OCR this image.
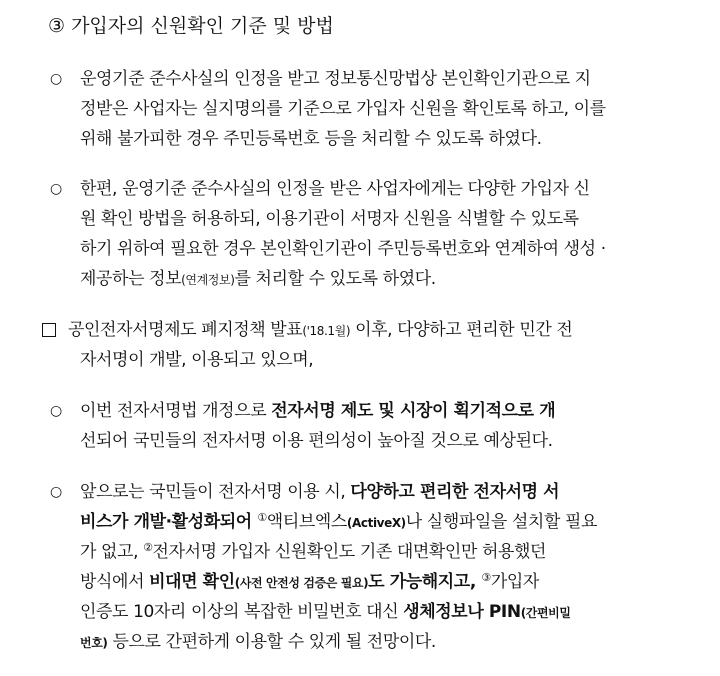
③ 가입자의 신원확인 기준 및 방법
○ 운영기준 준수사실의 인정을 받고 정보통신망법상 본인확인기관으로 지
정받은 사업자는 실지명의를 기준으로 가입자 신원을 확인토록 하고, 이를
위해 불가피한 경우 주민등록번호 등을 처리할 수 있도록 하였다.
○ 한편, 운영기준 준수사실의 인정을 받은 사업자에게는 다양한 가입자 신
원 확인 방법을 허용하되, 이용기관이 서명자 신원을 식별할 수 있도록
하기 위하여 필요한 경우 본인확인기관이 주민등록번호와 연계하여 생성 ·
제공하는 정보(연계정보)를 처리할 수 있도록 하였다.
공인전자서명제도 폐지정책 발표('18.1월) 이후, 다양하고 편리한 민간 전
자서명이 개발, 이용되고 있으며,
○ 이번 전자서명법 개정으로 전자서명 제도 및 시장이 획기적으로 개
선되어 국민들의 전자서명 이용 편의성이 높아질 것으로 예상된다.
○ 앞으로는 국민들이 전자서명 이용 시, 다양하고 편리한 전자서명 서
비스가 개발·활성화되어 ①액티브엑스(ActiveX)나 실행파일을 설치할 필요
가 없고, ②전자서명 가입자 신원확인도 기존 대면확인만 허용했던
방식에서 비대면 확인(사전 안전성 검증은 필요)도 가능해지고, ③가입자
인증도 10자리 이상의 복잡한 비밀번호 대신 생체정보나 PIN(간편비밀
번호) 등으로 간편하게 이용할 수 있게 될 전망이다.
